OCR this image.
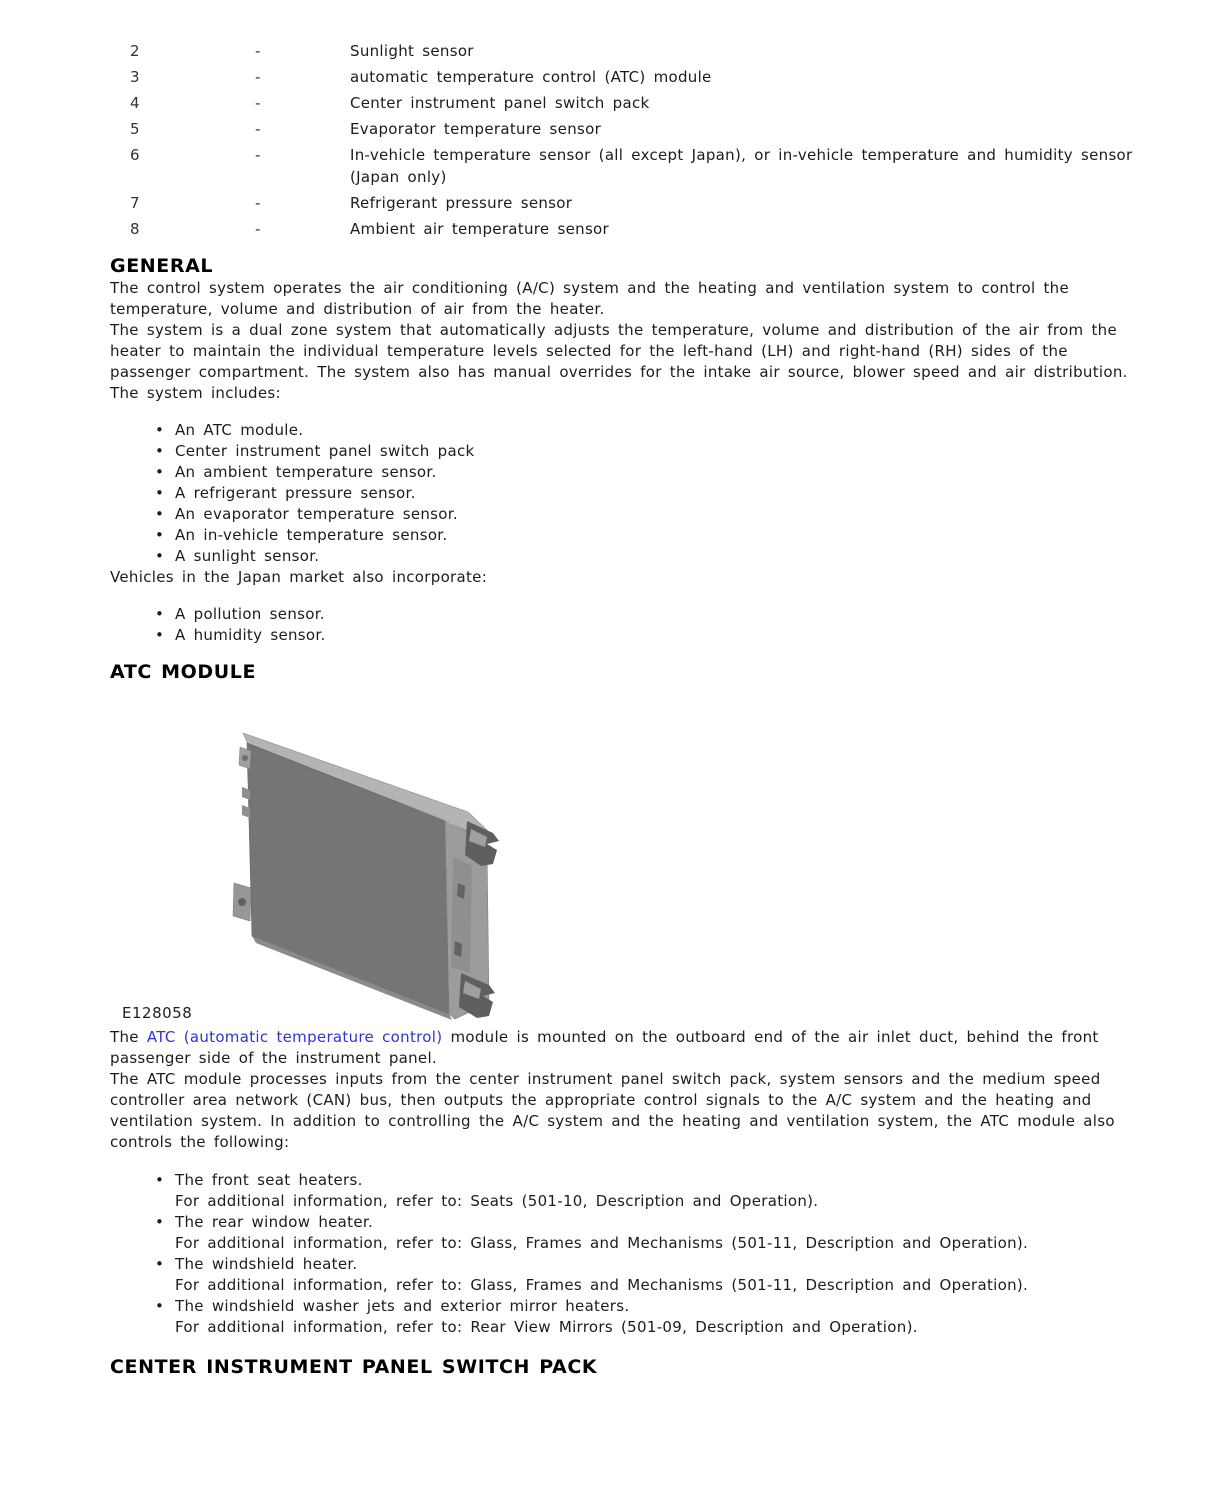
2	-	Sunlight sensor
3	-	automatic temperature control (ATC) module
4	-	Center instrument panel switch pack
5	-	Evaporator temperature sensor
6	-	In-vehicle temperature sensor (all except Japan), or in-vehicle temperature and humidity sensor (Japan only)
7	-	Refrigerant pressure sensor
8	-	Ambient air temperature sensor
GENERAL

The control system operates the air conditioning (A/C) system and the heating and ventilation system to control the temperature, volume and distribution of air from the heater.

The system is a dual zone system that automatically adjusts the temperature, volume and distribution of the air from the heater to maintain the individual temperature levels selected for the left-hand (LH) and right-hand (RH) sides of the passenger compartment. The system also has manual overrides for the intake air source, blower speed and air distribution. The system includes:

• An ATC module.
• Center instrument panel switch pack
• An ambient temperature sensor.
• A refrigerant pressure sensor.
• An evaporator temperature sensor.
• An in-vehicle temperature sensor.
• A sunlight sensor.

Vehicles in the Japan market also incorporate:

• A pollution sensor.
• A humidity sensor.
ATC MODULE
E128058

The ATC (automatic temperature control) module is mounted on the outboard end of the air inlet duct, behind the front passenger side of the instrument panel.

The ATC module processes inputs from the center instrument panel switch pack, system sensors and the medium speed controller area network (CAN) bus, then outputs the appropriate control signals to the A/C system and the heating and ventilation system. In addition to controlling the A/C system and the heating and ventilation system, the ATC module also controls the following:

• The front seat heaters.
For additional information, refer to: Seats (501-10, Description and Operation).
• The rear window heater.
For additional information, refer to: Glass, Frames and Mechanisms (501-11, Description and Operation).
• The windshield heater.
For additional information, refer to: Glass, Frames and Mechanisms (501-11, Description and Operation).
• The windshield washer jets and exterior mirror heaters.
For additional information, refer to: Rear View Mirrors (501-09, Description and Operation).
CENTER INSTRUMENT PANEL SWITCH PACK
